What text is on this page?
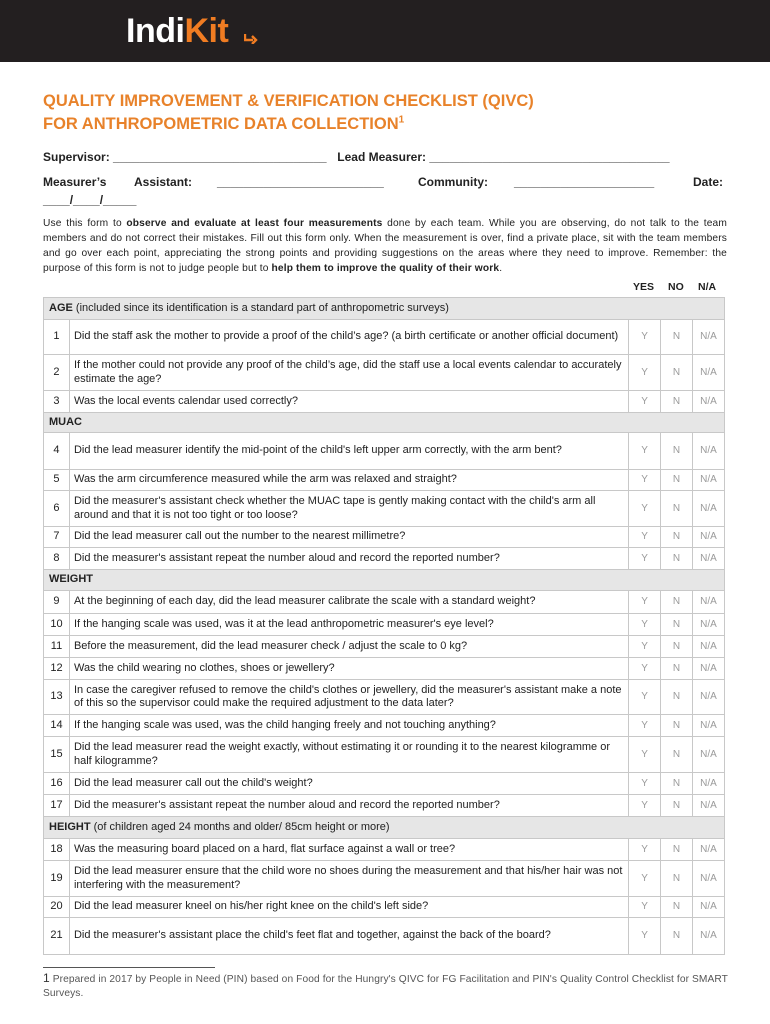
IndiKit
QUALITY IMPROVEMENT & VERIFICATION CHECKLIST (QIVC)
FOR ANTHROPOMETRIC DATA COLLECTION$^1$
Supervisor: ________________________________ Lead Measurer: ____________________________________
Measurer’s Assistant: _________________________	Community: _____________________	Date:
____/____/_____
Use this form to observe and evaluate at least four measurements done by each team. While you are observing, do not talk to the team members and do not correct their mistakes. Fill out this form only. When the measurement is over, find a private place, sit with the team members and go over each point, appreciating the strong points and providing suggestions on the areas where they need to improve. Remember: the purpose of this form is not to judge people but to help them to improve the quality of their work.
YES NO N/A
AGE (included since its identification is a standard part of anthropometric surveys)				
1	Did the staff ask the mother to provide a proof of the child’s age? (a birth certificate or another official document)	Y	N	N/A
2	If the mother could not provide any proof of the child’s age, did the staff use a local events calendar to accurately estimate the age?	Y	N	N/A
3	Was the local events calendar used correctly?	Y	N	N/A
MUAC				
4	Did the lead measurer identify the mid-point of the child's left upper arm correctly, with the arm bent?	Y	N	N/A
5	Was the arm circumference measured while the arm was relaxed and straight?	Y	N	N/A
6	Did the measurer's assistant check whether the MUAC tape is gently making contact with the child's arm all around and that it is not too tight or too loose?	Y	N	N/A
7	Did the lead measurer call out the number to the nearest millimetre?	Y	N	N/A
8	Did the measurer's assistant repeat the number aloud and record the reported number?	Y	N	N/A
WEIGHT				
9	At the beginning of each day, did the lead measurer calibrate the scale with a standard weight?	Y	N	N/A
10	If the hanging scale was used, was it at the lead anthropometric measurer's eye level?	Y	N	N/A
11	Before the measurement, did the lead measurer check / adjust the scale to 0 kg?	Y	N	N/A
12	Was the child wearing no clothes, shoes or jewellery?	Y	N	N/A
13	In case the caregiver refused to remove the child's clothes or jewellery, did the measurer's assistant make a note of this so the supervisor could make the required adjustment to the data later?	Y	N	N/A
14	If the hanging scale was used, was the child hanging freely and not touching anything?	Y	N	N/A
15	Did the lead measurer read the weight exactly, without estimating it or rounding it to the nearest kilogramme or half kilogramme?	Y	N	N/A
16	Did the lead measurer call out the child's weight?	Y	N	N/A
17	Did the measurer's assistant repeat the number aloud and record the reported number?	Y	N	N/A
HEIGHT (of children aged 24 months and older/ 85cm height or more)				
18	Was the measuring board placed on a hard, flat surface against a wall or tree?	Y	N	N/A
19	Did the lead measurer ensure that the child wore no shoes during the measurement and that his/her hair was not interfering with the measurement?	Y	N	N/A
20	Did the lead measurer kneel on his/her right knee on the child's left side?	Y	N	N/A
21	Did the measurer's assistant place the child's feet flat and together, against the back of the board?	Y	N	N/A
1 Prepared in 2017 by People in Need (PIN) based on Food for the Hungry's QIVC for FG Facilitation and PIN's Quality Control Checklist for SMART Surveys.
